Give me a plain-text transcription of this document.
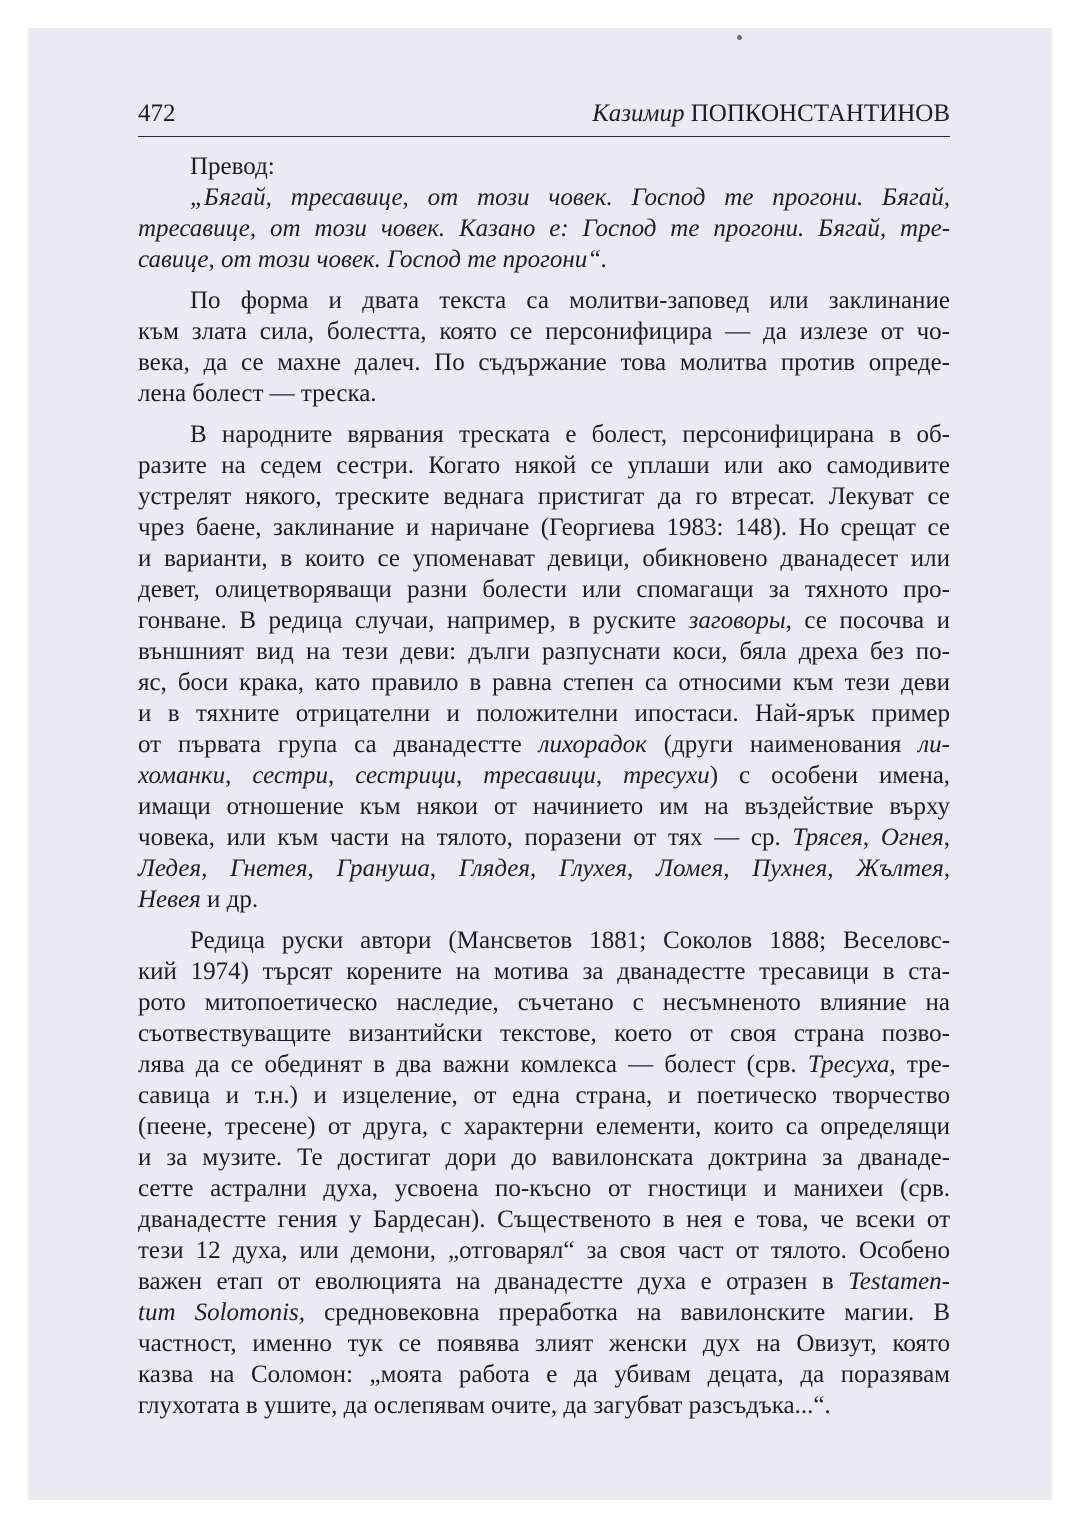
472	Казимир ПОПКОНСТАНТИНОВ

Превод:
„Бягай, тресавице, от този човек. Господ те прогони. Бягай,
тресавице, от този човек. Казано е: Господ те прогони. Бягай, тре-
савице, от този човек. Господ те прогони“.

По форма и двата текста са молитви-заповед или заклинание
към злата сила, болестта, която се персонифицира — да излезе от чо-
века, да се махне далеч. По съдържание това молитва против опреде-
лена болест — треска.

В народните вярвания треската е болест, персонифицирана в об-
разите на седем сестри. Когато някой се уплаши или ако самодивите
устрелят някого, треските веднага пристигат да го втресат. Лекуват се
чрез баене, заклинание и наричане (Георгиева 1983: 148). Но срещат се
и варианти, в които се упоменават девици, обикновено дванадесет или
девет, олицетворяващи разни болести или спомагащи за тяхното про-
гонване. В редица случаи, например, в руските заговоры, се посочва и
външният вид на тези деви: дълги разпуснати коси, бяла дреха без по-
яс, боси крака, като правило в равна степен са относими към тези деви
и в тяхните отрицателни и положителни ипостаси. Най-ярък пример
от първата група са дванадестте лихорадок (други наименования ли-
хоманки, сестри, сестрици, тресавици, тресухи) с особени имена,
имащи отношение към някои от начинието им на въздействие върху
човека, или към части на тялото, поразени от тях — ср. Трясея, Огнея,
Ледея, Гнетея, Грануша, Глядея, Глухея, Ломея, Пухнея, Жълтея,
Невея и др.

Редица руски автори (Мансветов 1881; Соколов 1888; Веселовс-
кий 1974) търсят корените на мотива за дванадестте тресавици в ста-
рото митопоетическо наследие, съчетано с несъмненото влияние на
съотвествуващите византийски текстове, което от своя страна позво-
лява да се обединят в два важни комлекса — болест (срв. Тресуха, тре-
савица и т.н.) и изцеление, от една страна, и поетическо творчество
(пеене, тресене) от друга, с характерни елементи, които са определящи
и за музите. Те достигат дори до вавилонската доктрина за дванаде-
сетте астрални духа, усвоена по-късно от гностици и манихеи (срв.
дванадестте гения у Бардесан). Същественото в нея е това, че всеки от
тези 12 духа, или демони, „отговарял“ за своя част от тялото. Особено
важен етап от еволюцията на дванадестте духа е отразен в Testamen-
tum Solomonis, средновековна преработка на вавилонските магии. В
частност, именно тук се появява злият женски дух на Овизут, която
казва на Соломон: „моята работа е да убивам децата, да поразявам
глухотата в ушите, да ослепявам очите, да загубват разсъдъка...“.
